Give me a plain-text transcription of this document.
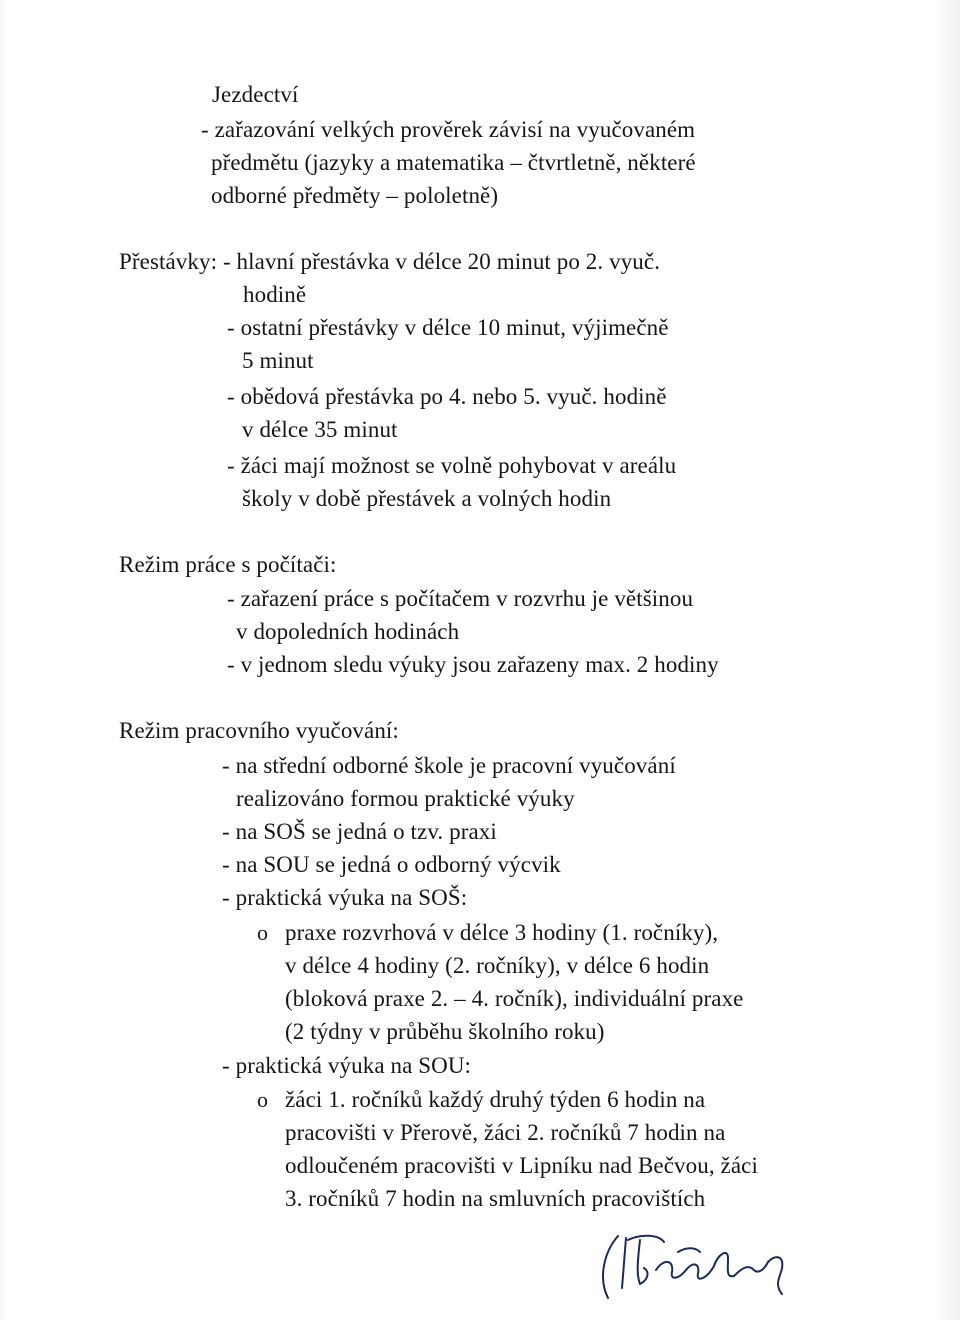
Jezdectví
- zařazování velkých prověrek závisí na vyučovaném
předmětu (jazyky a matematika – čtvrtletně, některé
odborné předměty – pololetně)
Přestávky: - hlavní přestávka v délce 20 minut po 2. vyuč.
hodině
- ostatní přestávky v délce 10 minut, výjimečně
5 minut
- obědová přestávka po 4. nebo 5. vyuč. hodině
v délce 35 minut
- žáci mají možnost se volně pohybovat v areálu
školy v době přestávek a volných hodin
Režim práce s počítači:
- zařazení práce s počítačem v rozvrhu je většinou
v dopoledních hodinách
- v jednom sledu výuky jsou zařazeny max. 2 hodiny
Režim pracovního vyučování:
- na střední odborné škole je pracovní vyučování
realizováno formou praktické výuky
- na SOŠ se jedná o tzv. praxi
- na SOU se jedná o odborný výcvik
- praktická výuka na SOŠ:
o praxe rozvrhová v délce 3 hodiny (1. ročníky),
v délce 4 hodiny (2. ročníky), v délce 6 hodin
(bloková praxe 2. – 4. ročník), individuální praxe
(2 týdny v průběhu školního roku)
- praktická výuka na SOU:
o žáci 1. ročníků každý druhý týden 6 hodin na
pracovišti v Přerově, žáci 2. ročníků 7 hodin na
odloučeném pracovišti v Lipníku nad Bečvou, žáci
3. ročníků 7 hodin na smluvních pracovištích
